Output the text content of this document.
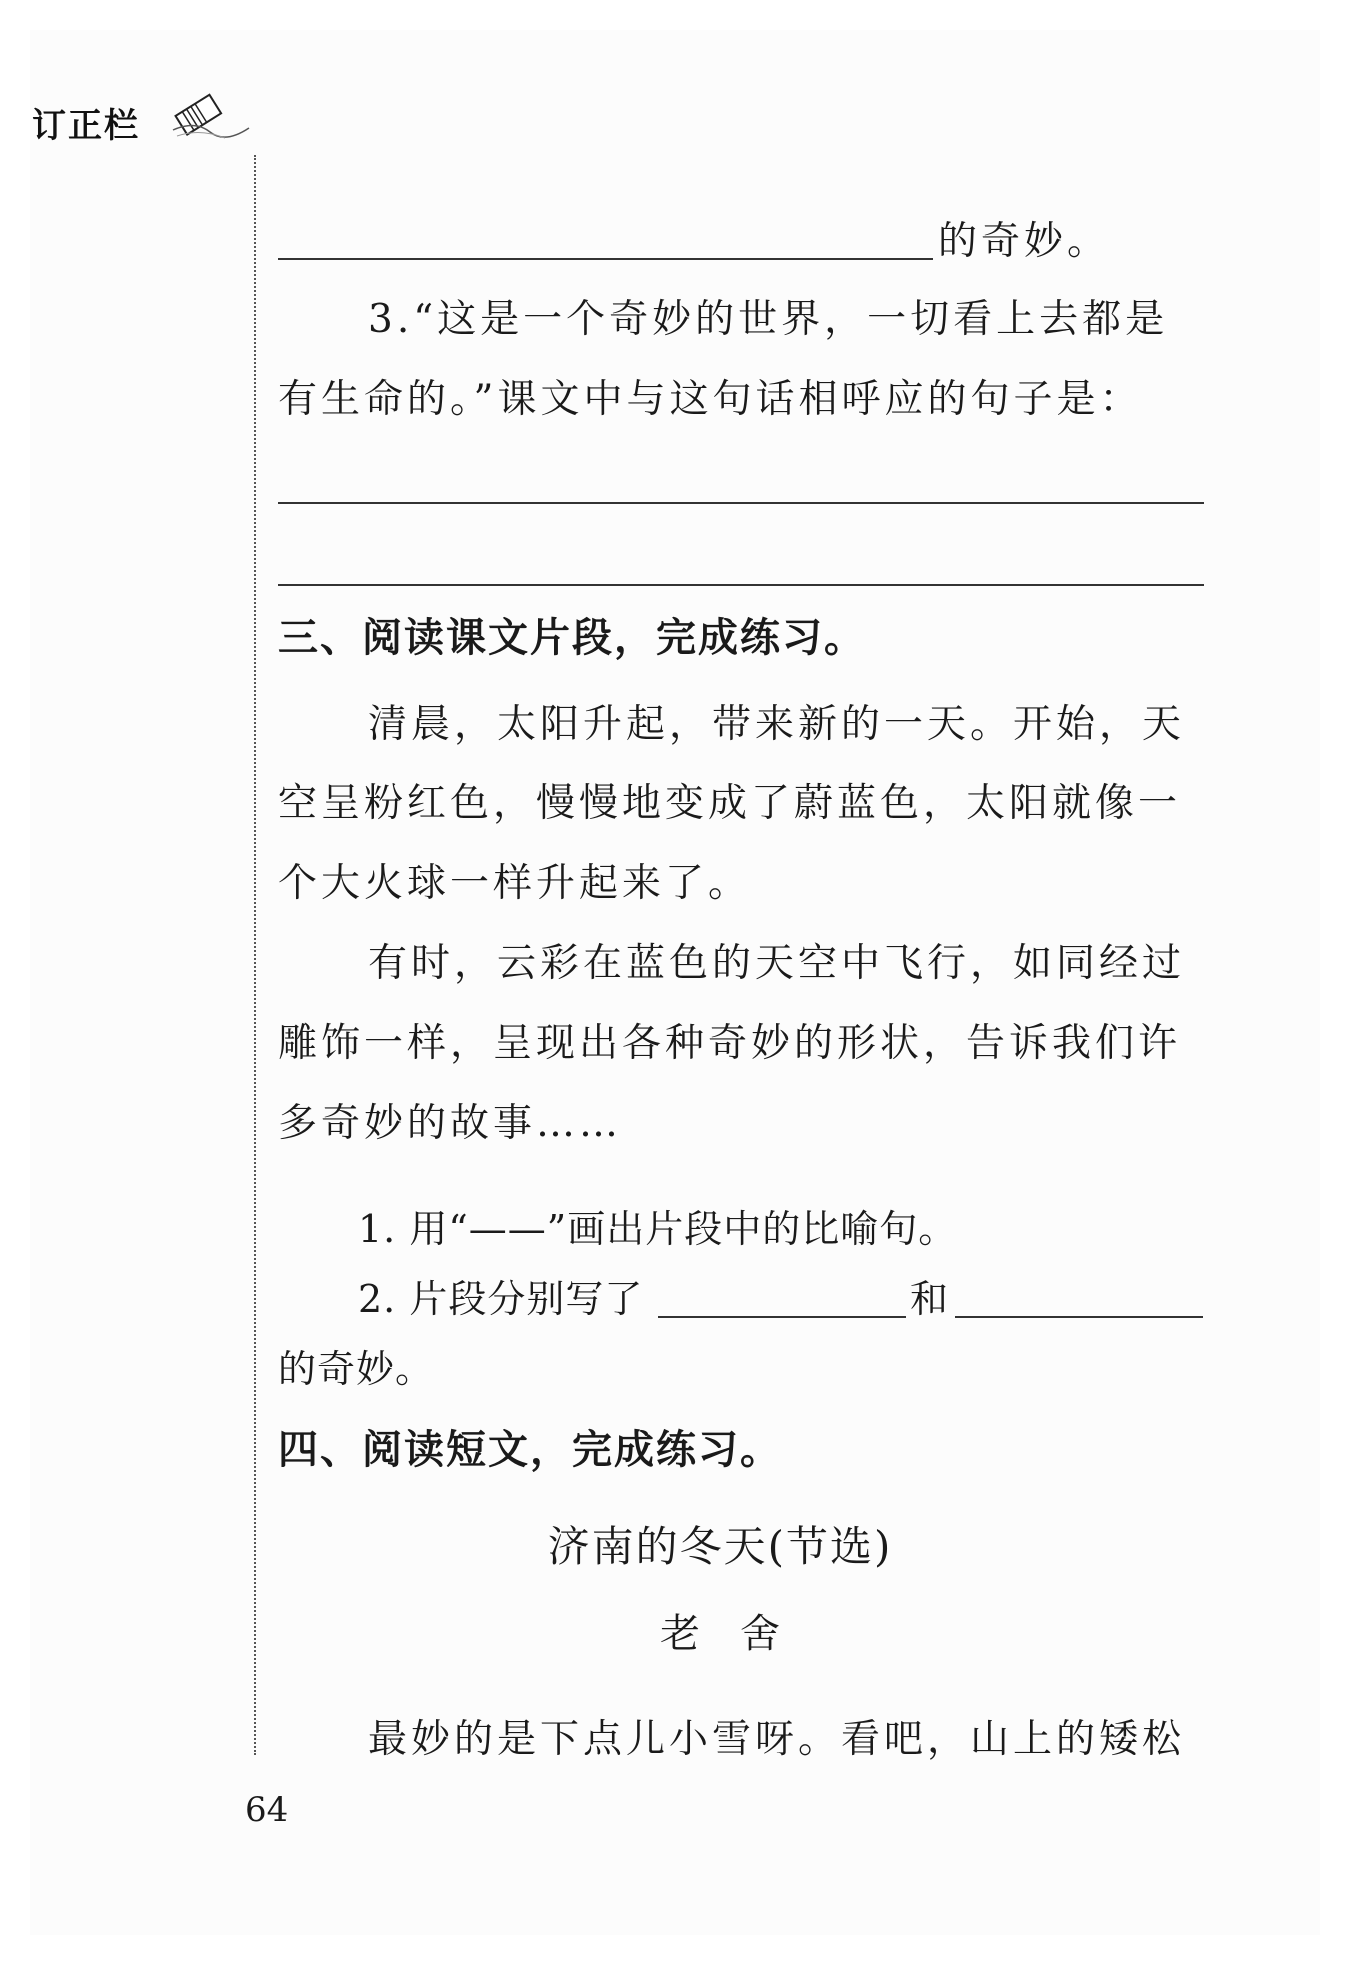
订正栏
的奇妙。
3.“这是一个奇妙的世界，一切看上去都是
有生命的。”课文中与这句话相呼应的句子是：
三、阅读课文片段，完成练习。
清晨，太阳升起，带来新的一天。开始，天
空呈粉红色，慢慢地变成了蔚蓝色，太阳就像一
个大火球一样升起来了。
有时，云彩在蓝色的天空中飞行，如同经过
雕饰一样，呈现出各种奇妙的形状，告诉我们许
多奇妙的故事……
1. 用“——”画出片段中的比喻句。
2. 片段分别写了	和
的奇妙。
四、阅读短文，完成练习。
济南的冬天(节选)
老　舍
最妙的是下点儿小雪呀。看吧，山上的矮松
64
